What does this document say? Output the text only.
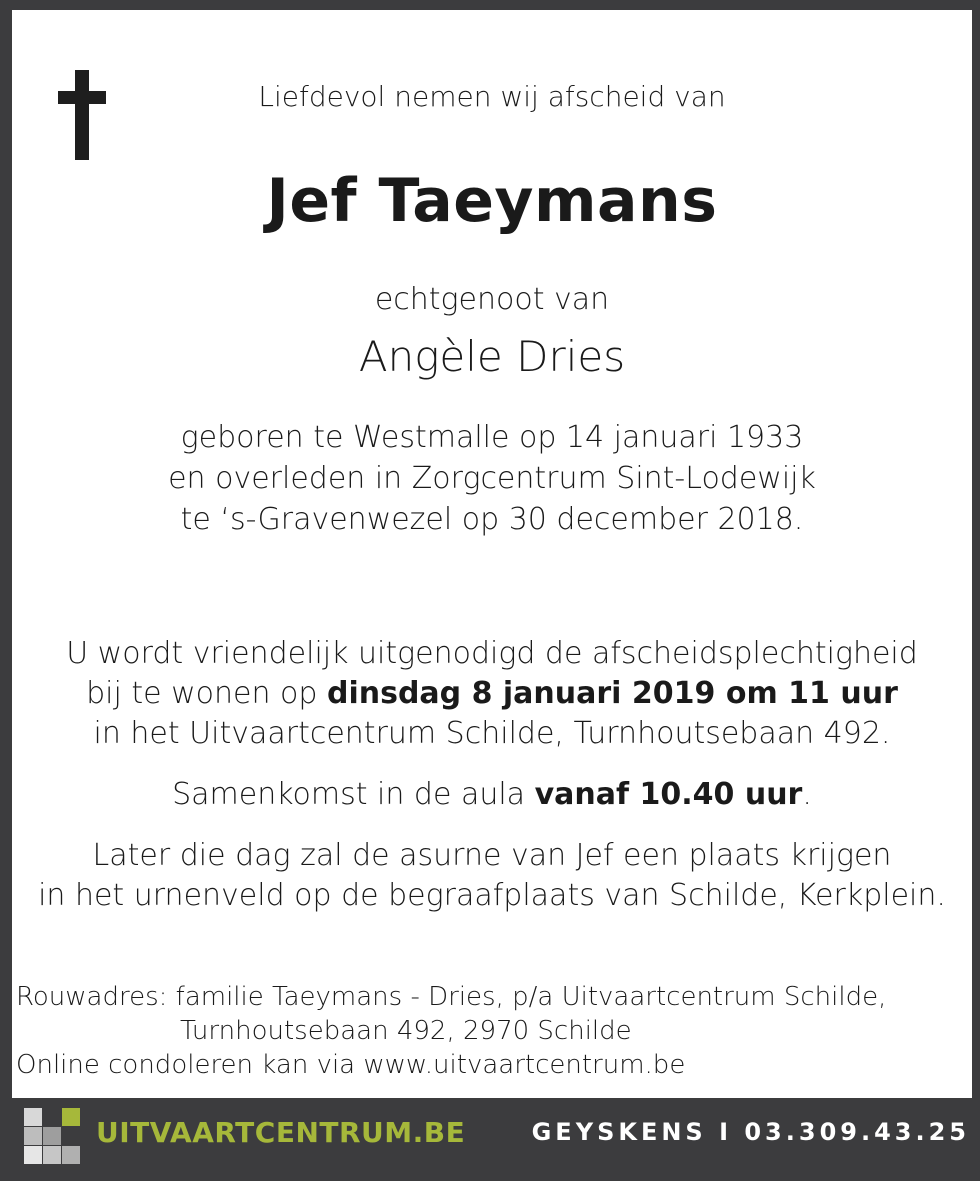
Liefdevol nemen wij afscheid van
Jef Taeymans
echtgenoot van
Angèle Dries
geboren te Westmalle op 14 januari 1933
en overleden in Zorgcentrum Sint-Lodewijk
te ‘s-Gravenwezel op 30 december 2018.
U wordt vriendelijk uitgenodigd de afscheidsplechtigheid
bij te wonen op dinsdag 8 januari 2019 om 11 uur
in het Uitvaartcentrum Schilde, Turnhoutsebaan 492.
Samenkomst in de aula vanaf 10.40 uur.
Later die dag zal de asurne van Jef een plaats krijgen
in het urnenveld op de begraafplaats van Schilde, Kerkplein.
Rouwadres: familie Taeymans - Dries, p/a Uitvaartcentrum Schilde,
Turnhoutsebaan 492, 2970 Schilde
Online condoleren kan via www.uitvaartcentrum.be
UITVAARTCENTRUM.BE	GEYSKENS I 03.309.43.25
